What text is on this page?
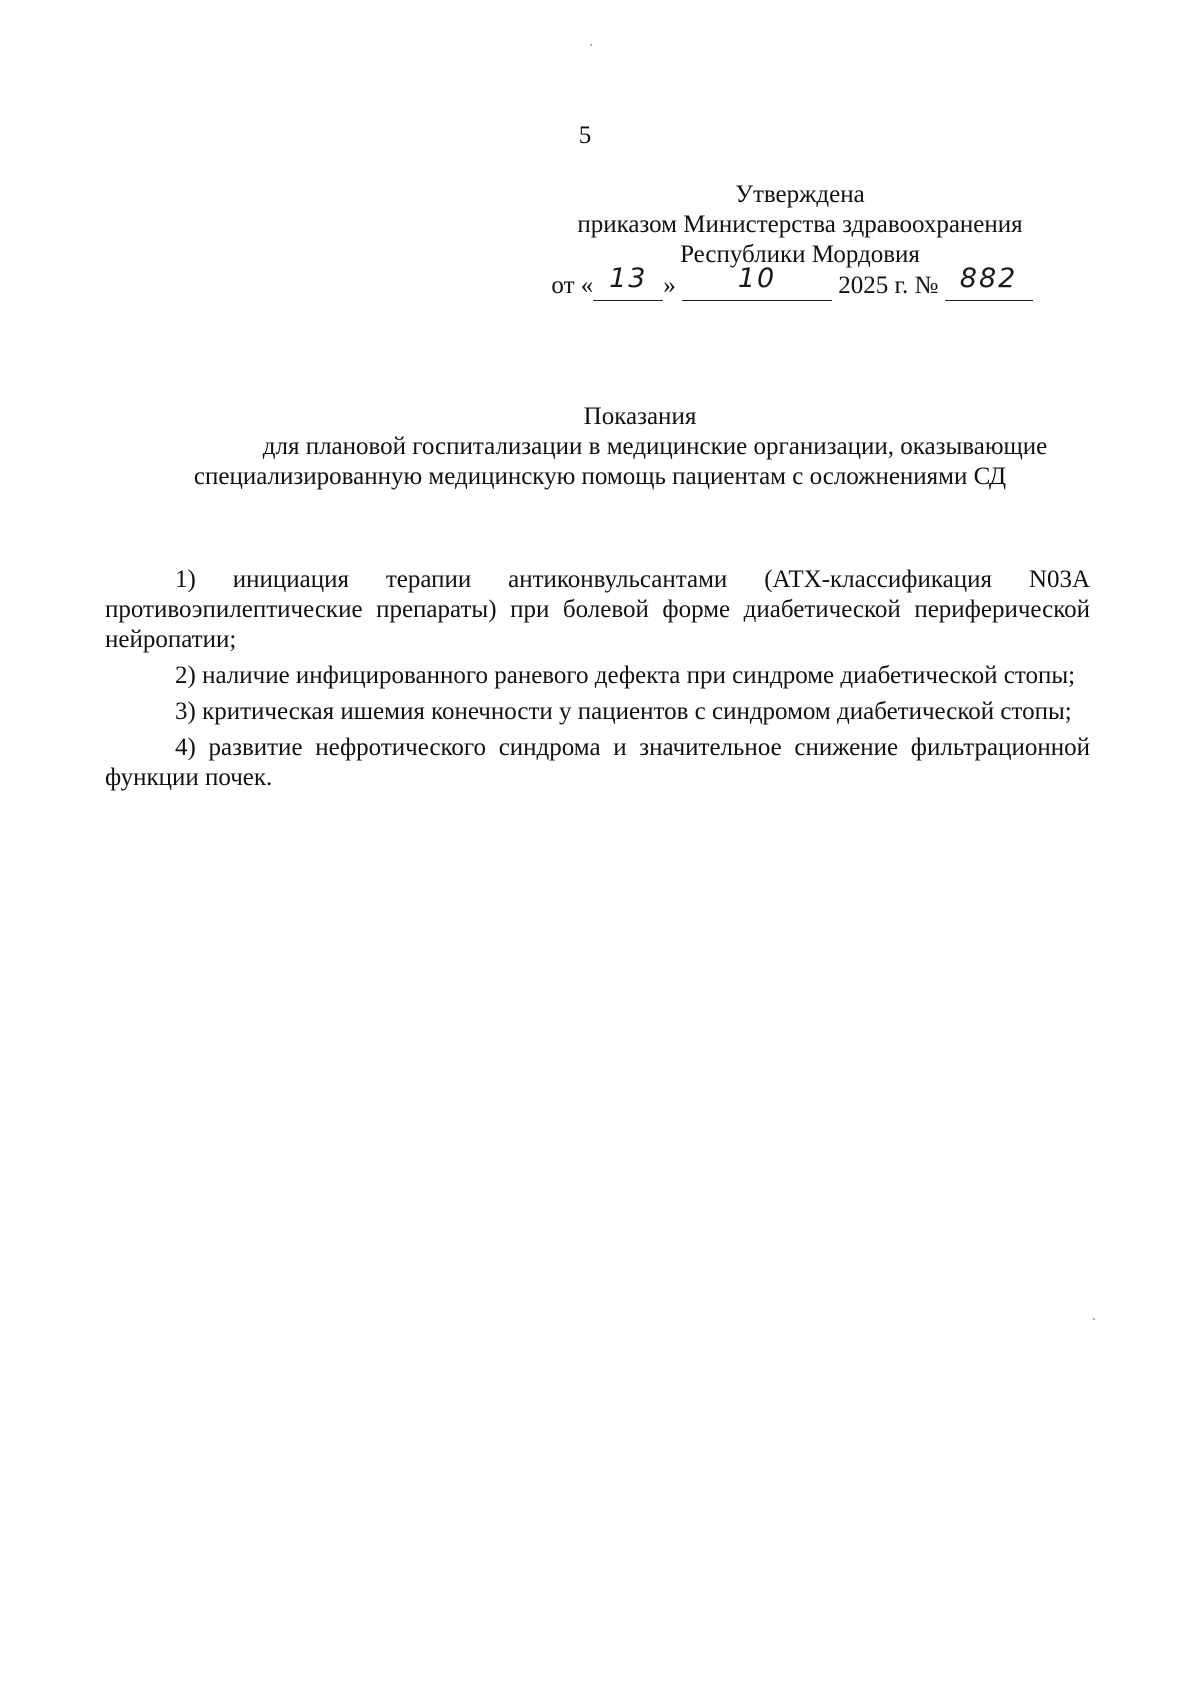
5
Утверждена
приказом Министерства здравоохранения
Республики Мордовия
от « 13 » 10 2025 г. № 882
Показания
для плановой госпитализации в медицинские организации, оказывающие
специализированную медицинскую помощь пациентам с осложнениями СД

1) инициация терапии антиконвульсантами (АТХ-классификация N03A противоэпилептические препараты) при болевой форме диабетической периферической нейропатии;

2) наличие инфицированного раневого дефекта при синдроме диабетической стопы;

3) критическая ишемия конечности у пациентов с синдромом диабетической стопы;

4) развитие нефротического синдрома и значительное снижение фильтрационной функции почек.
